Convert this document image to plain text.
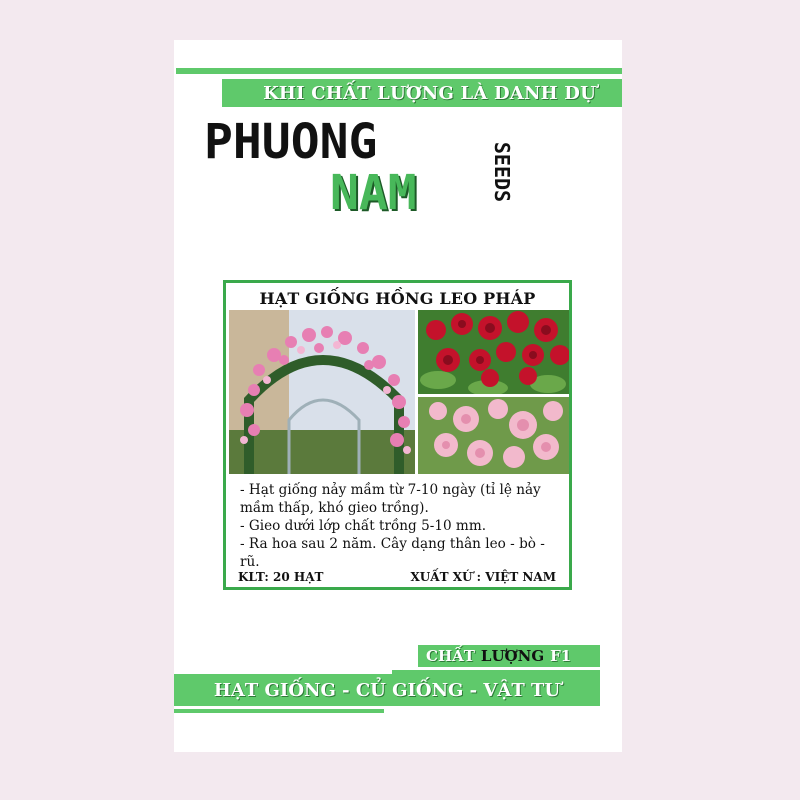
KHI CHẤT LƯỢNG LÀ DANH DỰ
PHUONG
NAM	SEEDS
HẠT GIỐNG HỒNG LEO PHÁP
- Hạt giống nảy mầm từ 7-10 ngày (tỉ lệ nảy mầm thấp, khó gieo trồng).
- Gieo dưới lớp chất trồng 5-10 mm.
- Ra hoa sau 2 năm. Cây dạng thân leo - bò - rũ.
KLT: 20 HẠT	XUẤT XỨ : VIỆT NAM
CHẤT LƯỢNG F1
HẠT GIỐNG - CỦ GIỐNG - VẬT TƯ
